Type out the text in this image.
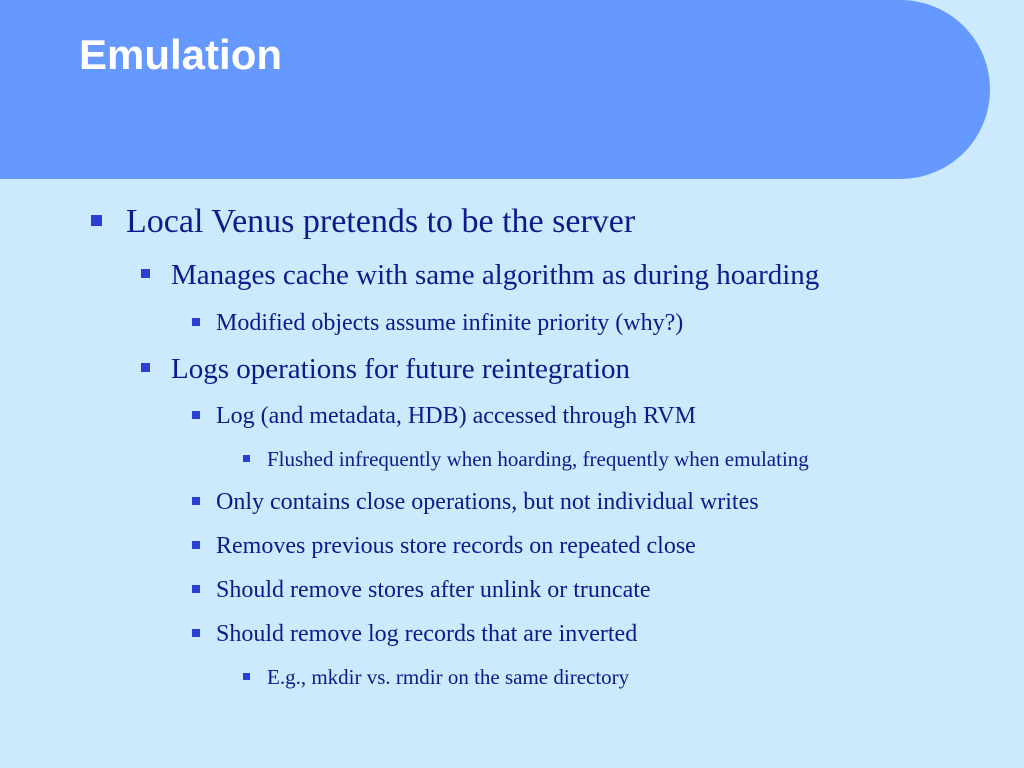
Emulation
Local Venus pretends to be the server
Manages cache with same algorithm as during hoarding
Modified objects assume infinite priority (why?)
Logs operations for future reintegration
Log (and metadata, HDB) accessed through RVM
Flushed infrequently when hoarding, frequently when emulating
Only contains close operations, but not individual writes
Removes previous store records on repeated close
Should remove stores after unlink or truncate
Should remove log records that are inverted
E.g., mkdir vs. rmdir on the same directory
